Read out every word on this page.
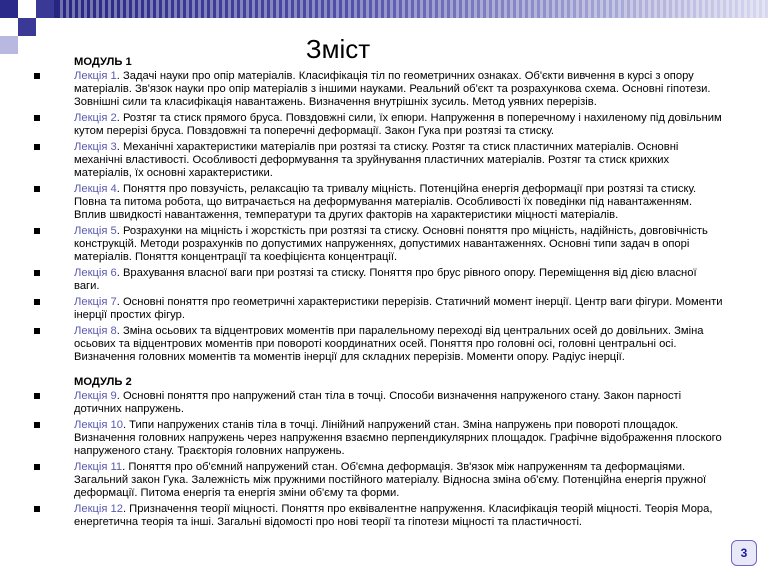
Зміст
МОДУЛЬ 1
Лекція 1. Задачі науки про опір матеріалів. Класифікація тіл по геометричних ознаках. Об'єкти вивчення в курсі з опору матеріалів. Зв'язок науки про опір матеріалів з іншими науками. Реальний об'єкт та розрахункова схема. Основні гіпотези. Зовнішні сили та класифікація навантажень. Визначення внутрішніх зусиль. Метод уявних перерізів.
Лекція 2. Розтяг та стиск прямого бруса. Повздовжні сили, їх епюри. Напруження в поперечному і нахиленому під довільним кутом перерізі бруса. Повздовжні та поперечні деформації. Закон Гука при розтязі та стиску.
Лекція 3. Механічні характеристики матеріалів при розтязі та стиску. Розтяг та стиск пластичних матеріалів. Основні механічні властивості. Особливості деформування та зруйнування пластичних матеріалів. Розтяг та стиск крихких матеріалів, їх основні характеристики.
Лекція 4. Поняття про повзучість, релаксацію та тривалу міцність. Потенційна енергія деформації при розтязі та стиску. Повна та питома робота, що витрачається на деформування матеріалів. Особливості їх поведінки під навантаженням. Вплив швидкості навантаження, температури та других факторів на характеристики міцності матеріалів.
Лекція 5. Розрахунки на міцність і жорсткість при розтязі та стиску. Основні поняття про міцність, надійність, довговічність конструкцій. Методи розрахунків по допустимих напруженнях, допустимих навантаженнях. Основні типи задач в опорі матеріалів. Поняття концентрації та коефіцієнта концентрації.
Лекція 6. Врахування власної ваги при розтязі та стиску. Поняття про брус рівного опору. Переміщення від дією власної ваги.
Лекція 7. Основні поняття про геометричні характеристики перерізів. Статичний момент інерції. Центр ваги фігури. Моменти інерції простих фігур.
Лекція 8. Зміна осьових та відцентрових моментів при паралельному переході від центральних осей до довільних. Зміна осьових та відцентрових моментів при повороті координатних осей. Поняття про головні осі, головні центральні осі. Визначення головних моментів та моментів інерції для складних перерізів. Моменти опору. Радіус інерції.
МОДУЛЬ 2
Лекція 9. Основні поняття про напружений стан тіла в точці. Способи визначення напруженого стану. Закон парності дотичних напружень.
Лекція 10. Типи напружених станів тіла в точці. Лінійний напружений стан. Зміна напружень при повороті площадок. Визначення головних напружень через напруження взаємно перпендикулярних площадок. Графічне відображення плоского напруженого стану. Траєкторія головних напружень.
Лекція 11. Поняття про об'ємний напружений стан. Об'ємна деформація. Зв'язок між напруженням та деформаціями. Загальний закон Гука. Залежність між пружними постійного матеріалу. Відносна зміна об'єму. Потенційна енергія пружної деформації. Питома енергія та енергія зміни об'єму та форми.
Лекція 12. Призначення теорії міцності. Поняття про еквівалентне напруження. Класифікація теорій міцності. Теорія Мора, енергетична теорія та інші. Загальні відомості про нові теорії та гіпотези міцності та пластичності.
3
